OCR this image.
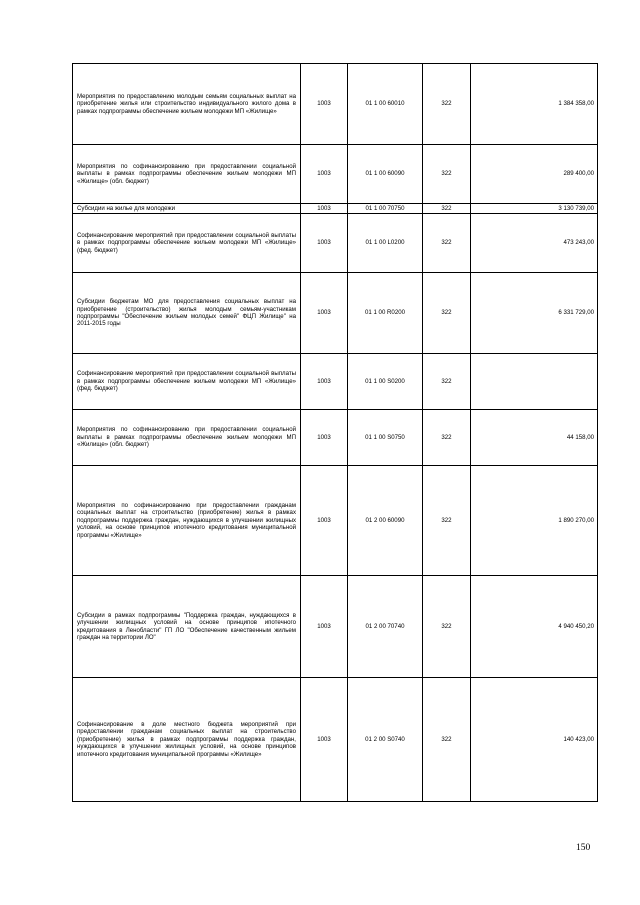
Мероприятия по предоставлению молодым семьям социальных выплат на приобретение жилья или строительство индивидуального жилого дома в рамках подпрограммы обеспечение жильем молодежи МП «Жилище»	1003	01 1 00 60010	322	1 384 358,00
Мероприятия по софинансированию при предоставлении социальной выплаты в рамках подпрограммы обеспечение жильем молодежи МП «Жилище» (обл. бюджет)	1003	01 1 00 60090	322	289 400,00
Субсидии на жилье для молодежи	1003	01 1 00 70750	322	3 130 739,00
Софинансирование мероприятий при предоставлении социальной выплаты в рамках подпрограммы обеспечение жильем молодежи МП «Жилище» (фед. бюджет)	1003	01 1 00 L0200	322	473 243,00
Субсидии бюджетам МО для предоставления социальных выплат на приобретение (строительство) жилья молодым семьям-участникам подпрограммы "Обеспечение жильем молодых семей" ФЦП Жилище" на 2011-2015 годы	1003	01 1 00 R0200	322	6 331 729,00
Софинансирование мероприятий при предоставлении социальной выплаты в рамках подпрограммы обеспечение жильем молодежи МП «Жилище» (фед. бюджет)	1003	01 1 00 S0200	322	
Мероприятия по софинансированию при предоставлении социальной выплаты в рамках подпрограммы обеспечение жильем молодежи МП «Жилище» (обл. бюджет)	1003	01 1 00 S0750	322	44 158,00
Мероприятия по софинансированию при предоставлении гражданам социальных выплат на строительство (приобретение) жилья в рамках подпрограммы поддержка граждан, нуждающихся в улучшении жилищных условий, на основе принципов ипотечного кредитования муниципальной программы «Жилище»	1003	01 2 00 60090	322	1 890 270,00
Субсидии в рамках подпрограммы "Поддержка граждан, нуждающихся в улучшении жилищных условий на основе принципов ипотечного кредитования в Ленобласти" ГП ЛО "Обеспечение качественным жильем граждан на территории ЛО"	1003	01 2 00 70740	322	4 940 450,20
Софинансирование в доле местного бюджета мероприятий при предоставлении гражданам социальных выплат на строительство (приобретение) жилья в рамках подпрограммы поддержка граждан, нуждающихся в улучшении жилищных условий, на основе принципов ипотечного кредитования муниципальной программы «Жилище»	1003	01 2 00 S0740	322	140 423,00
150
